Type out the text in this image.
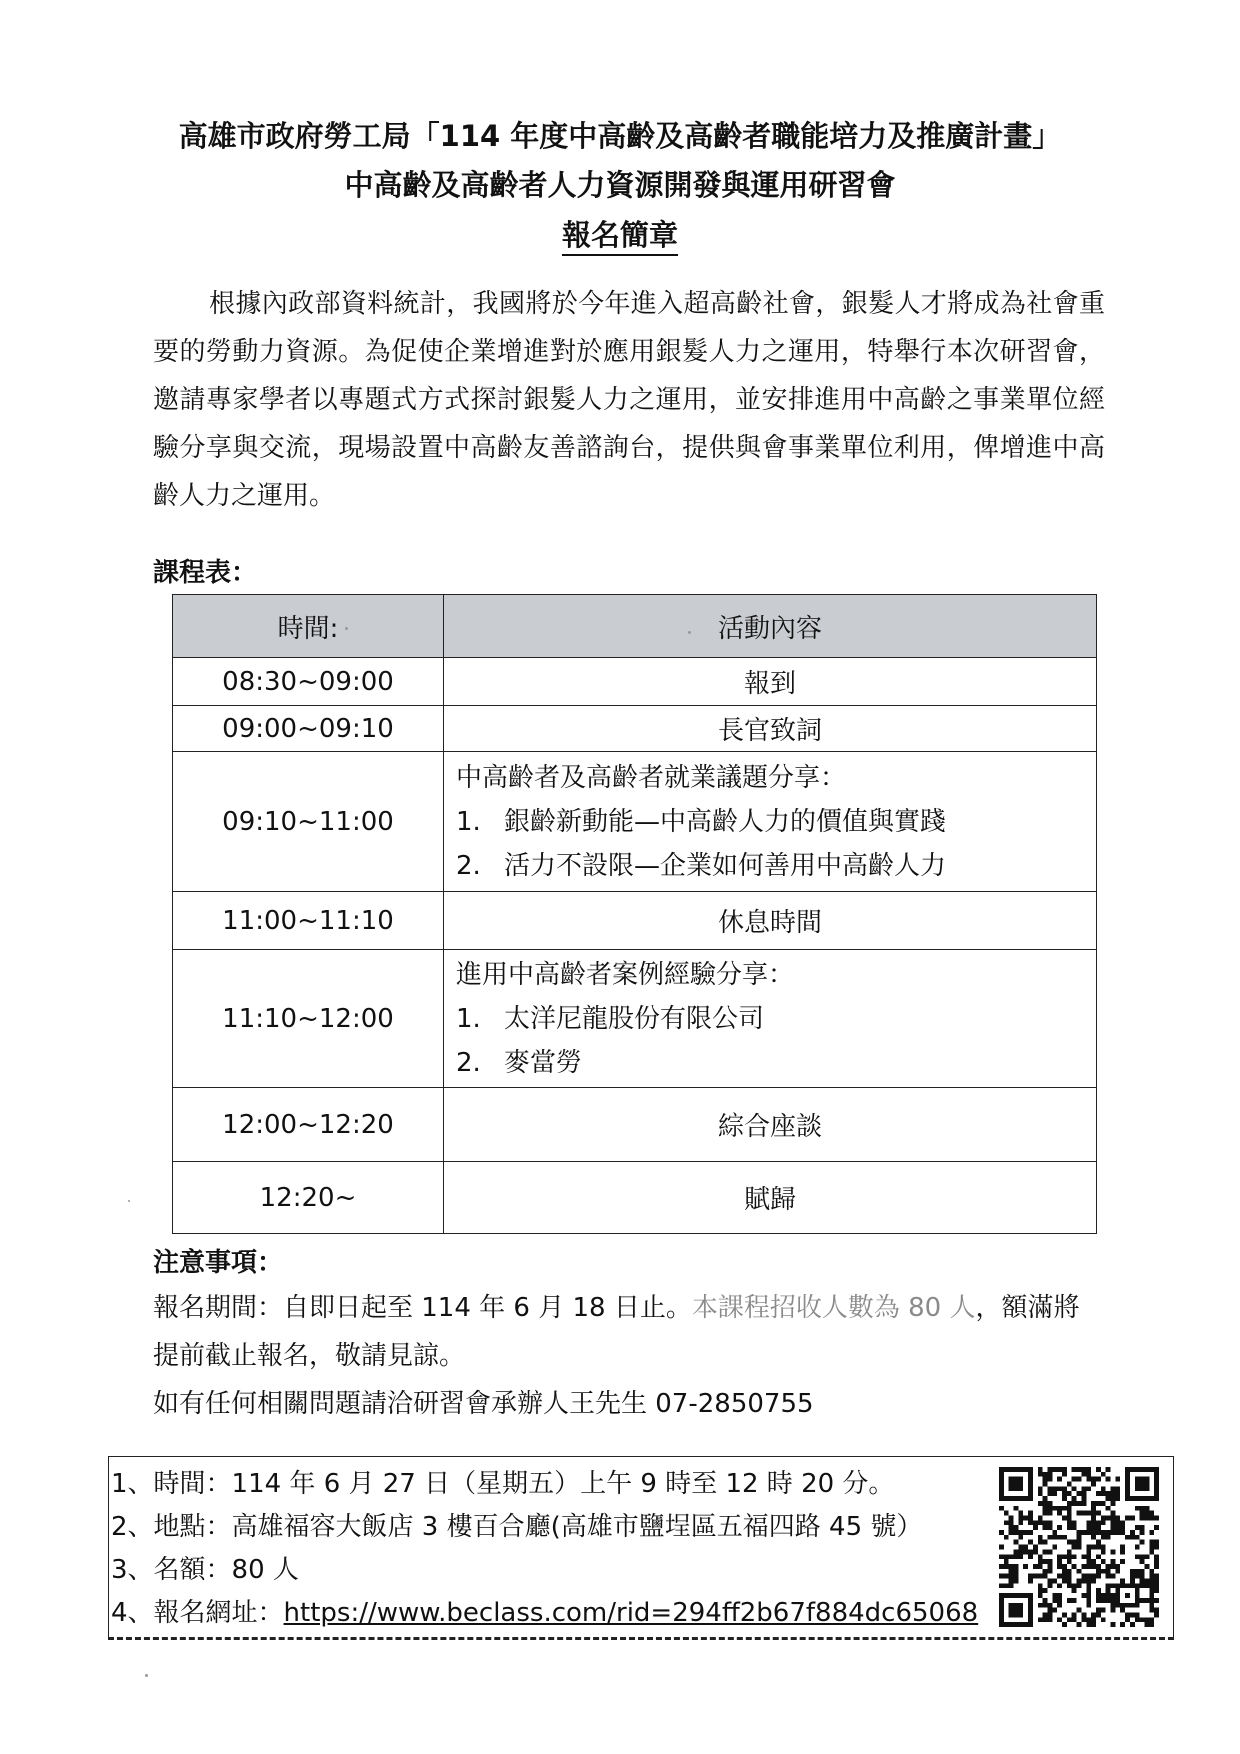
高雄市政府勞工局「114 年度中高齡及高齡者職能培力及推廣計畫」
中高齡及高齡者人力資源開發與運用研習會
報名簡章
根據內政部資料統計，我國將於今年進入超高齡社會，銀髮人才將成為社會重要的勞動力資源。為促使企業增進對於應用銀髮人力之運用，特舉行本次研習會，邀請專家學者以專題式方式探討銀髮人力之運用，並安排進用中高齡之事業單位經驗分享與交流，現場設置中高齡友善諮詢台，提供與會事業單位利用，俾增進中高齡人力之運用。
課程表：
時間:	活動內容
08:30~09:00	報到
09:00~09:10	長官致詞
09:10~11:00	中高齡者及高齡者就業議題分享：
1. 銀齡新動能—中高齡人力的價值與實踐
2. 活力不設限—企業如何善用中高齡人力

11:00~11:10	休息時間
11:10~12:00	進用中高齡者案例經驗分享：
1. 太洋尼龍股份有限公司
2. 麥當勞

12:00~12:20	綜合座談
12:20~	賦歸
注意事項：
報名期間：自即日起至 114 年 6 月 18 日止。本課程招收人數為 80 人，額滿將提前截止報名，敬請見諒。
如有任何相關問題請洽研習會承辦人王先生 07-2850755
1、時間：114 年 6 月 27 日（星期五）上午 9 時至 12 時 20 分。
2、地點：高雄福容大飯店 3 樓百合廳(高雄市鹽埕區五福四路 45 號）
3、名額：80 人
4、報名網址：https://www.beclass.com/rid=294ff2b67f884dc65068
